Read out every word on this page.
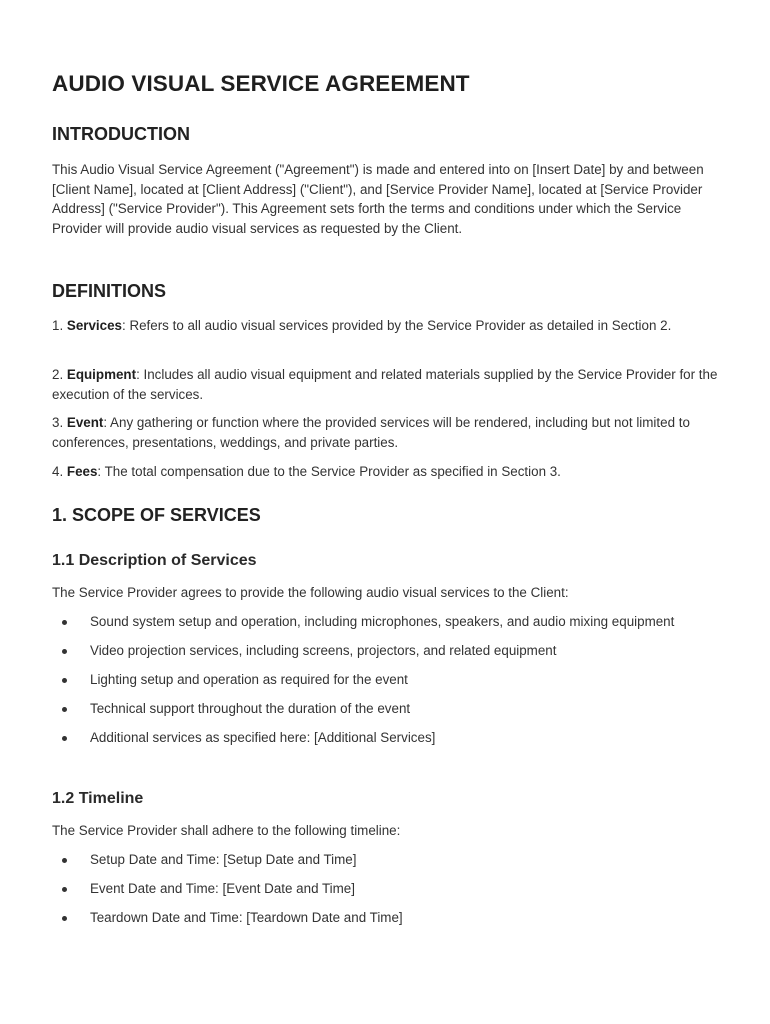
AUDIO VISUAL SERVICE AGREEMENT
INTRODUCTION

This Audio Visual Service Agreement ("Agreement") is made and entered into on [Insert Date] by and between [Client Name], located at [Client Address] ("Client"), and [Service Provider Name], located at [Service Provider Address] ("Service Provider"). This Agreement sets forth the terms and conditions under which the Service Provider will provide audio visual services as requested by the Client.

DEFINITIONS

1. Services: Refers to all audio visual services provided by the Service Provider as detailed in Section 2.

2. Equipment: Includes all audio visual equipment and related materials supplied by the Service Provider for the execution of the services.

3. Event: Any gathering or function where the provided services will be rendered, including but not limited to conferences, presentations, weddings, and private parties.

4. Fees: The total compensation due to the Service Provider as specified in Section 3.

1. SCOPE OF SERVICES
1.1 Description of Services

The Service Provider agrees to provide the following audio visual services to the Client:

Sound system setup and operation, including microphones, speakers, and audio mixing equipment
Video projection services, including screens, projectors, and related equipment
Lighting setup and operation as required for the event
Technical support throughout the duration of the event
Additional services as specified here: [Additional Services]
1.2 Timeline

The Service Provider shall adhere to the following timeline:

Setup Date and Time: [Setup Date and Time]
Event Date and Time: [Event Date and Time]
Teardown Date and Time: [Teardown Date and Time]
